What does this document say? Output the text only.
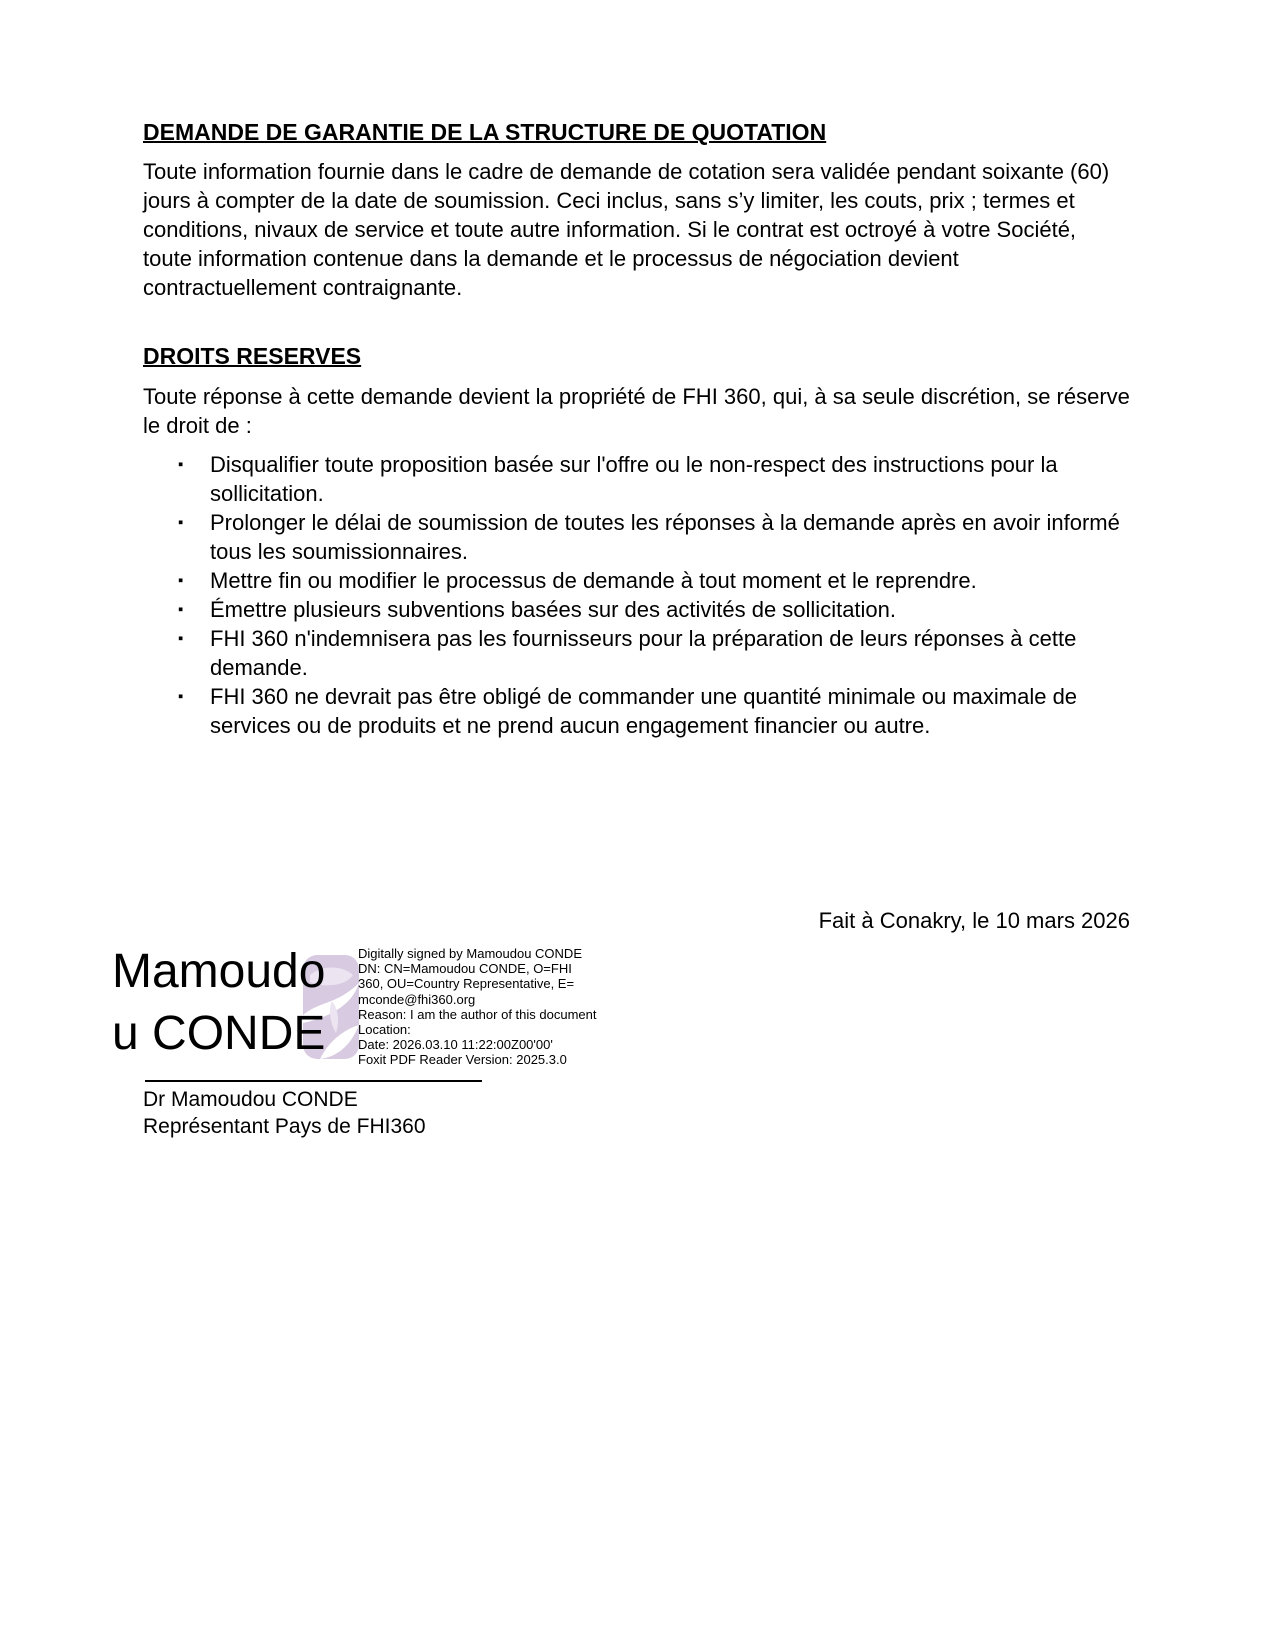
DEMANDE DE GARANTIE DE LA STRUCTURE DE QUOTATION

Toute information fournie dans le cadre de demande de cotation sera validée pendant soixante (60) jours à compter de la date de soumission. Ceci inclus, sans s’y limiter, les couts, prix ; termes et conditions, nivaux de service et toute autre information. Si le contrat est octroyé à votre Société, toute information contenue dans la demande et le processus de négociation devient contractuellement contraignante.

DROITS RESERVES

Toute réponse à cette demande devient la propriété de FHI 360, qui, à sa seule discrétion, se réserve le droit de :

▪ Disqualifier toute proposition basée sur l'offre ou le non-respect des instructions pour la sollicitation.
▪ Prolonger le délai de soumission de toutes les réponses à la demande après en avoir informé tous les soumissionnaires.
▪ Mettre fin ou modifier le processus de demande à tout moment et le reprendre.
▪ Émettre plusieurs subventions basées sur des activités de sollicitation.
▪ FHI 360 n'indemnisera pas les fournisseurs pour la préparation de leurs réponses à cette demande.
▪ FHI 360 ne devrait pas être obligé de commander une quantité minimale ou maximale de services ou de produits et ne prend aucun engagement financier ou autre.
Fait à Conakry, le 10 mars 2026
Mamoudo
u CONDE
Digitally signed by Mamoudou CONDE
DN: CN=Mamoudou CONDE, O=FHI
360, OU=Country Representative, E=
mconde@fhi360.org
Reason: I am the author of this document
Location:
Date: 2026.03.10 11:22:00Z00'00'
Foxit PDF Reader Version: 2025.3.0
Dr Mamoudou CONDE
Représentant Pays de FHI360
